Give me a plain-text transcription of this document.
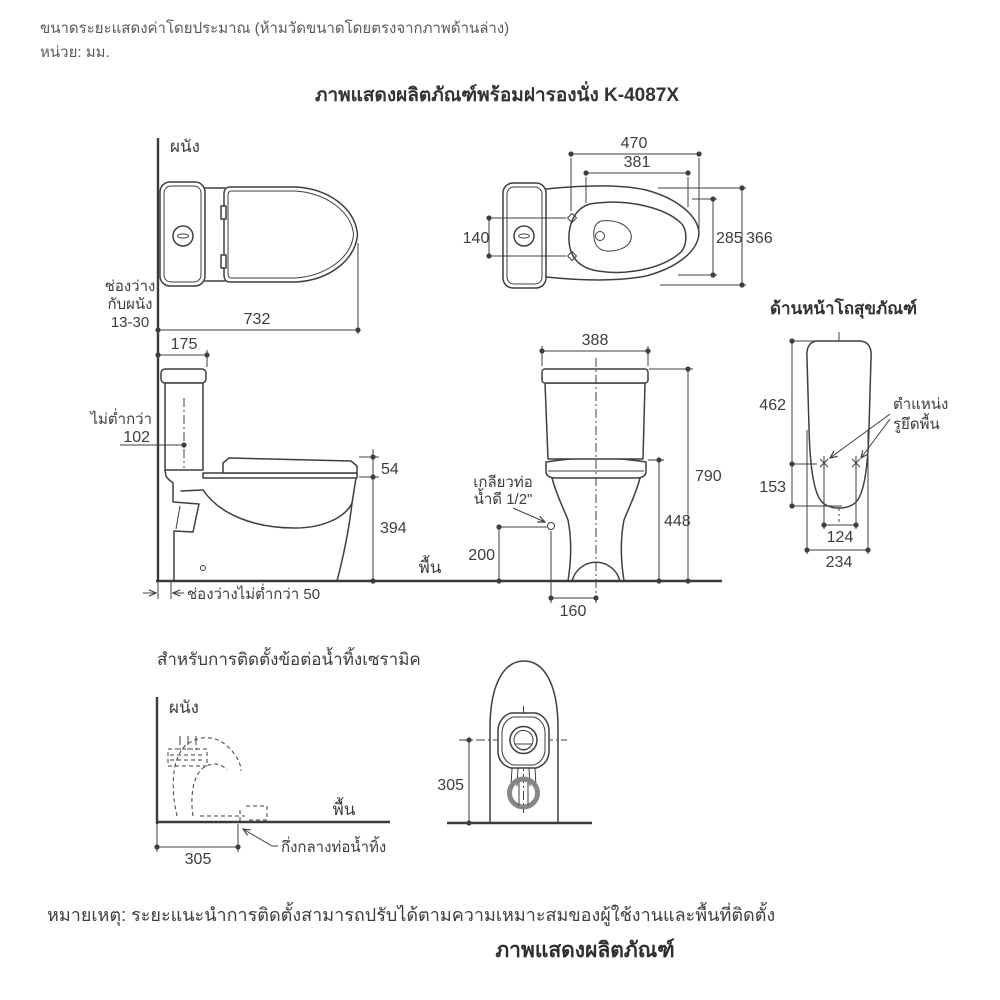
ขนาดระยะแสดงค่าโดยประมาณ (ห้ามวัดขนาดโดยตรงจากภาพด้านล่าง)
หน่วย: มม.
ภาพแสดงผลิตภัณฑ์พร้อมฝารองนั่ง K-4087X
ผนัง
ช่องว่าง
กับผนัง
13-30	732
175
470
381
140	285 366
ไม่ต่ำกว่า
102
54
394
พื้น
ช่องว่างไม่ต่ำกว่า 50
388
790
448
เกลียวท่อ
น้ำดี 1/2"
200
160
ด้านหน้าโถสุขภัณฑ์
462
153
ตำแหน่ง
รูยึดพื้น
124
234
สำหรับการติดตั้งข้อต่อน้ำทิ้งเซรามิค
ผนัง
พื้น
305
กึ่งกลางท่อน้ำทิ้ง
305
หมายเหตุ: ระยะแนะนำการติดตั้งสามารถปรับได้ตามความเหมาะสมของผู้ใช้งานและพื้นที่ติดตั้ง
ภาพแสดงผลิตภัณฑ์
